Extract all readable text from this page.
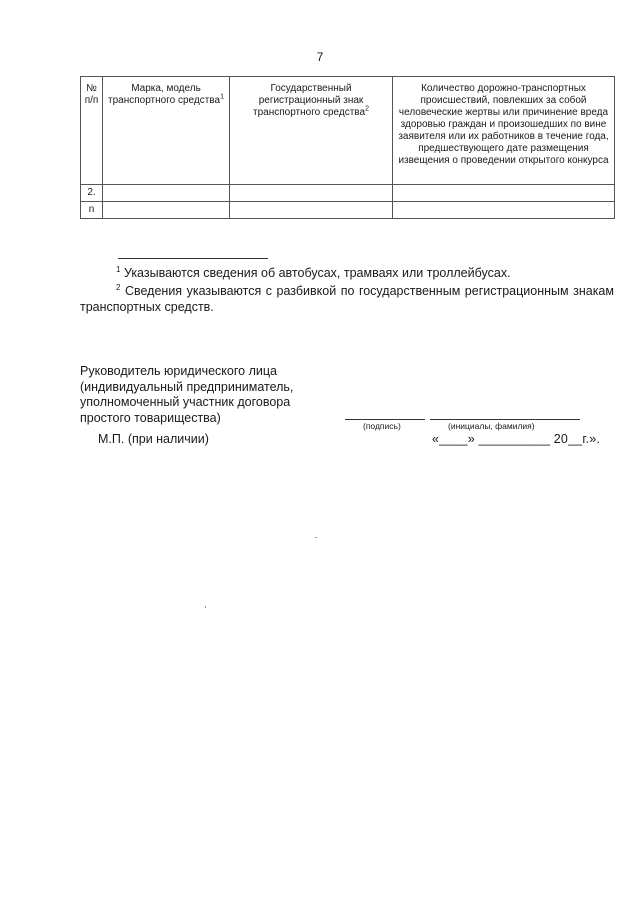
7
№ п/п	Марка, модель транспортного средства$^1$	Государственный регистрационный знак транспортного средства$^2$	Количество дорожно-транспортных происшествий, повлекших за собой человеческие жертвы или причинение вреда здоровью граждан и произошедших по вине заявителя или их работников в течение года, предшествующего дате размещения извещения о проведении открытого конкурса
2.			
n			
$^1$ Указываются сведения об автобусах, трамваях или троллейбусах.
$^2$ Сведения указываются с разбивкой по государственным регистрационным знакам транспортных средств.
Руководитель юридического лица
(индивидуальный предприниматель,
уполномоченный участник договора
простого товарищества)
(подпись)	(инициалы, фамилия)
М.П. (при наличии)	«____» __________ 20__г.».
